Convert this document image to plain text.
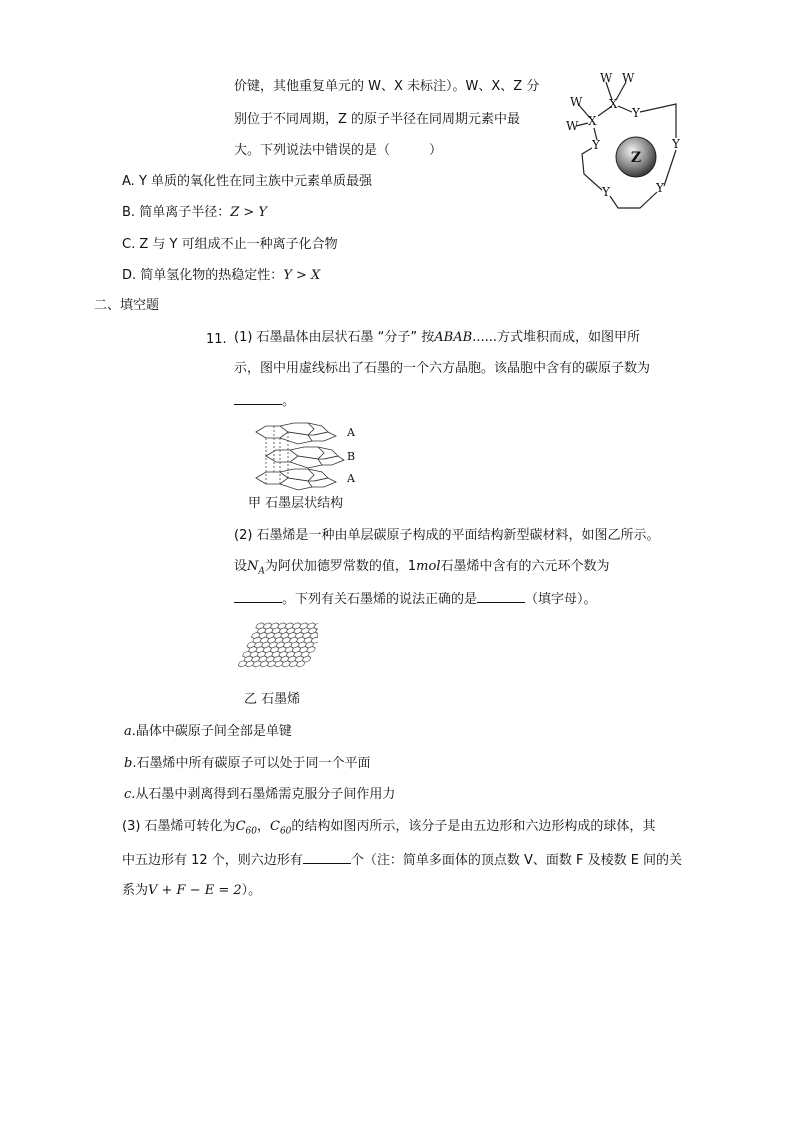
价键，其他重复单元的 W、X 未标注）。W、X、Z 分
别位于不同周期，Z 的原子半径在同周期元素中最
大。下列说法中错误的是（　　　）	Z
W W
W
W
X
X
Y
Y	Y
Y
Y
A. Y 单质的氧化性在同主族中元素单质最强
B. 简单离子半径：Z > Y
C. Z 与 Y 可组成不止一种离子化合物
D. 简单氢化物的热稳定性：Y > X
二、填空题
11. (1) 石墨晶体由层状石墨 “分子” 按ABAB......方式堆积而成，如图甲所
示，图中用虚线标出了石墨的一个六方晶胞。该晶胞中含有的碳原子数为
。
A
B
A
甲 石墨层状结构
(2) 石墨烯是一种由单层碳原子构成的平面结构新型碳材料，如图乙所示。
设$N_A$为阿伏加德罗常数的值，1mol石墨烯中含有的六元环个数为
。下列有关石墨烯的说法正确的是	（填字母）。
乙 石墨烯
a.晶体中碳原子间全部是单键
b.石墨烯中所有碳原子可以处于同一个平面
c.从石墨中剥离得到石墨烯需克服分子间作用力
(3) 石墨烯可转化为$C_{60}$，$C_{60}$的结构如图丙所示，该分子是由五边形和六边形构成的球体，其
中五边形有 12 个，则六边形有	个（注：简单多面体的顶点数 V、面数 F 及棱数 E 间的关
系为V + F − E = 2）。
